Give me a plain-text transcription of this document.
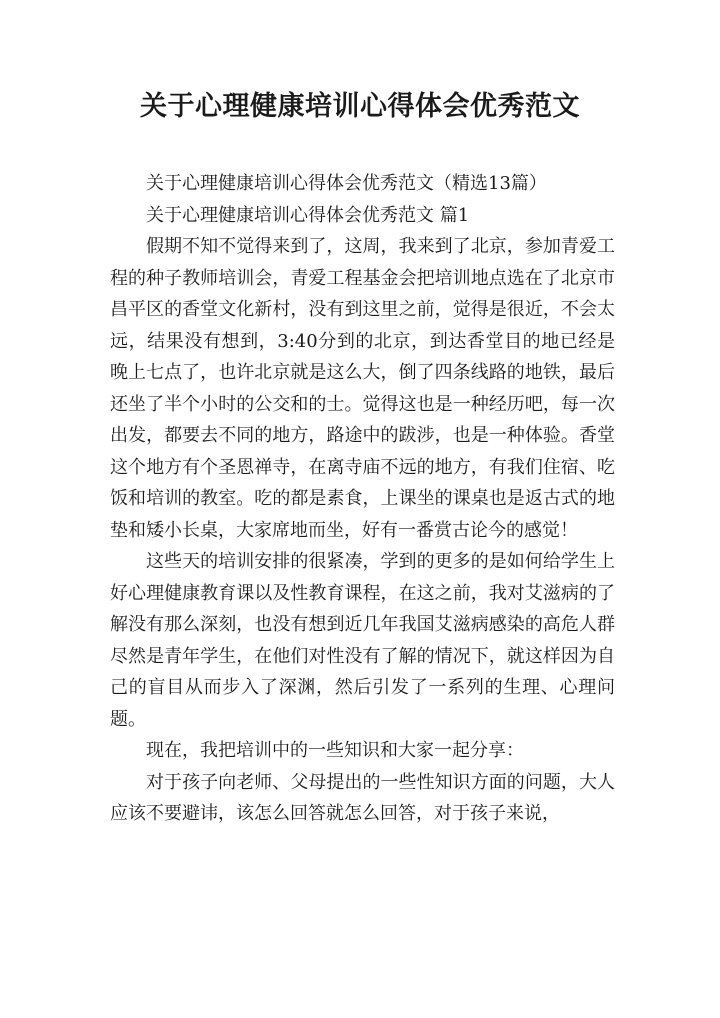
关于心理健康培训心得体会优秀范文

关于心理健康培训心得体会优秀范文（精选13篇）

关于心理健康培训心得体会优秀范文 篇1

假期不知不觉得来到了，这周，我来到了北京，参加青爱工程的种子教师培训会，青爱工程基金会把培训地点选在了北京市昌平区的香堂文化新村，没有到这里之前，觉得是很近，不会太远，结果没有想到，3:40分到的北京，到达香堂目的地已经是晚上七点了，也许北京就是这么大，倒了四条线路的地铁，最后还坐了半个小时的公交和的士。觉得这也是一种经历吧，每一次出发，都要去不同的地方，路途中的跋涉，也是一种体验。香堂这个地方有个圣恩禅寺，在离寺庙不远的地方，有我们住宿、吃饭和培训的教室。吃的都是素食，上课坐的课桌也是返古式的地垫和矮小长桌，大家席地而坐，好有一番赏古论今的感觉！

这些天的培训安排的很紧凑，学到的更多的是如何给学生上好心理健康教育课以及性教育课程，在这之前，我对艾滋病的了解没有那么深刻，也没有想到近几年我国艾滋病感染的高危人群尽然是青年学生，在他们对性没有了解的情况下，就这样因为自己的盲目从而步入了深渊，然后引发了一系列的生理、心理问题。

现在，我把培训中的一些知识和大家一起分享：

对于孩子向老师、父母提出的一些性知识方面的问题，大人应该不要避讳，该怎么回答就怎么回答，对于孩子来说，
